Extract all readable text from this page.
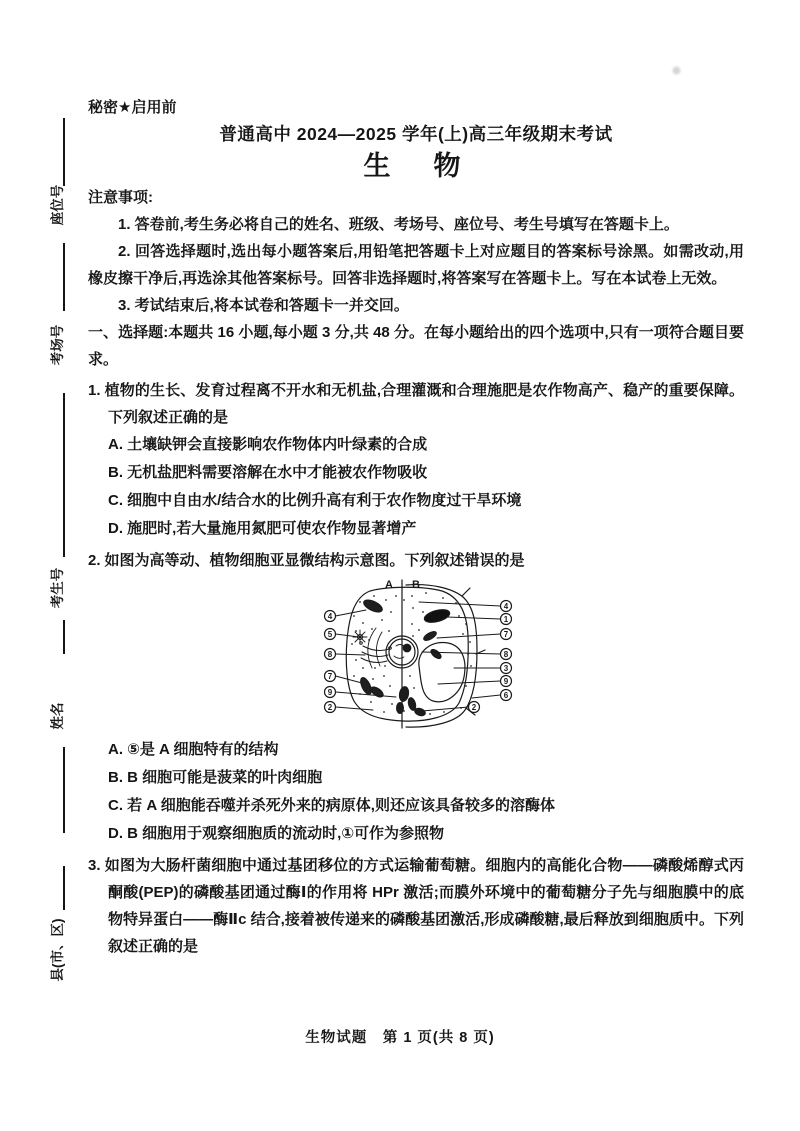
座位号
考场号
考生号
姓名
县(市、区)

秘密★启用前

普通高中 2024—2025 学年(上)高三年级期末考试

生　物

注意事项:

1. 答卷前,考生务必将自己的姓名、班级、考场号、座位号、考生号填写在答题卡上。

2. 回答选择题时,选出每小题答案后,用铅笔把答题卡上对应题目的答案标号涂黑。如需改动,用橡皮擦干净后,再选涂其他答案标号。回答非选择题时,将答案写在答题卡上。写在本试卷上无效。

3. 考试结束后,将本试卷和答题卡一并交回。

一、选择题:本题共 16 小题,每小题 3 分,共 48 分。在每小题给出的四个选项中,只有一项符合题目要求。

1. 植物的生长、发育过程离不开水和无机盐,合理灌溉和合理施肥是农作物高产、稳产的重要保障。下列叙述正确的是

A. 土壤缺钾会直接影响农作物体内叶绿素的合成

B. 无机盐肥料需要溶解在水中才能被农作物吸收

C. 细胞中自由水/结合水的比例升高有利于农作物度过干旱环境

D. 施肥时,若大量施用氮肥可使农作物显著增产

2. 如图为高等动、植物细胞亚显微结构示意图。下列叙述错误的是

A B
4
5
8
7
9
2
4
1
7
8
3
9
6
2

A. ⑤是 A 细胞特有的结构

B. B 细胞可能是菠菜的叶肉细胞

C. 若 A 细胞能吞噬并杀死外来的病原体,则还应该具备较多的溶酶体

D. B 细胞用于观察细胞质的流动时,①可作为参照物

3. 如图为大肠杆菌细胞中通过基团移位的方式运输葡萄糖。细胞内的高能化合物——磷酸烯醇式丙酮酸(PEP)的磷酸基团通过酶Ⅰ的作用将 HPr 激活;而膜外环境中的葡萄糖分子先与细胞膜中的底物特异蛋白——酶Ⅱc 结合,接着被传递来的磷酸基团激活,形成磷酸糖,最后释放到细胞质中。下列叙述正确的是

生物试题　第 1 页(共 8 页)
